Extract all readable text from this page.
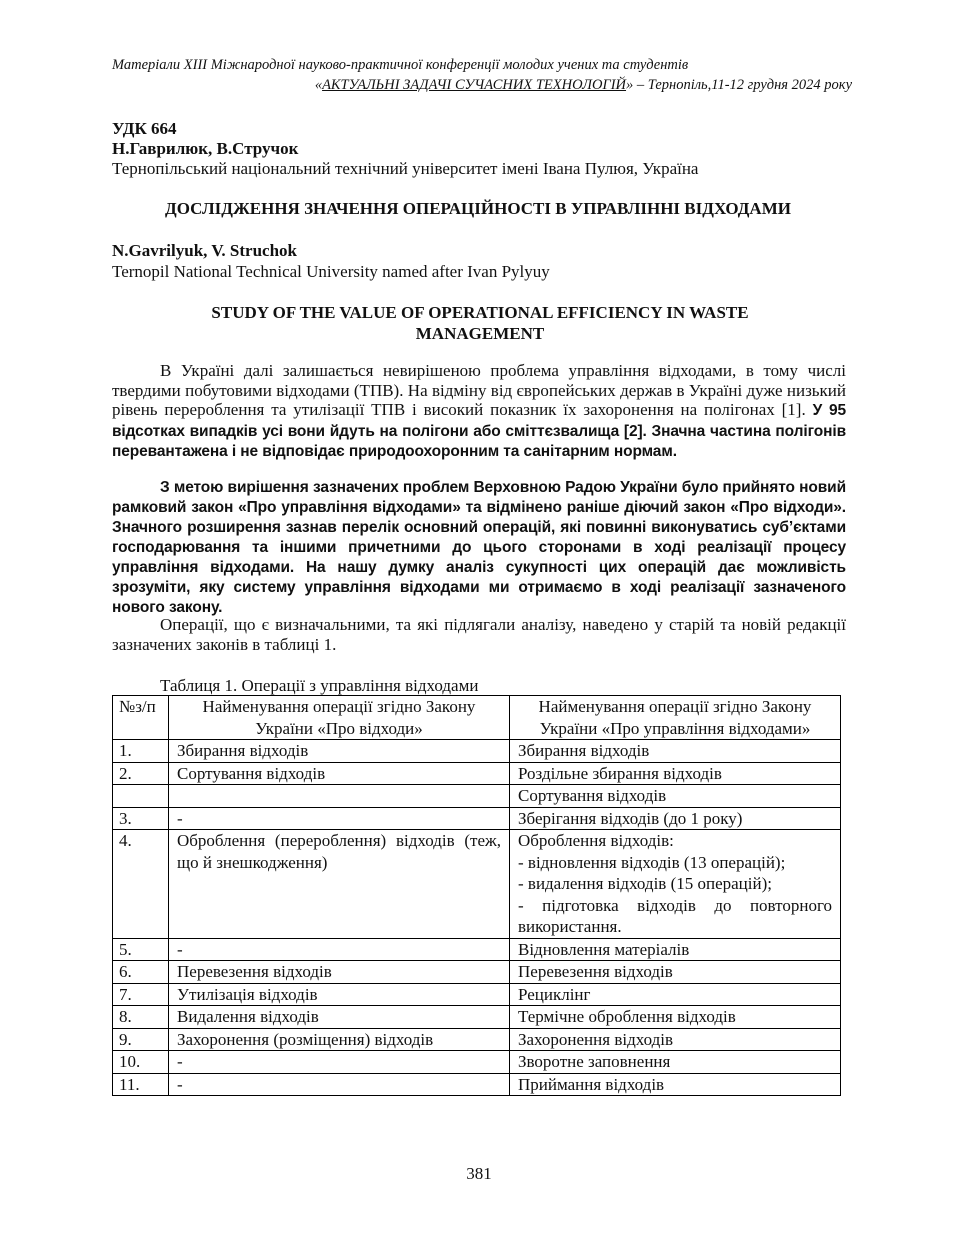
Матеріали XIII Міжнародної науково-практичної конференції молодих учених та студентів
«АКТУАЛЬНІ ЗАДАЧІ СУЧАСНИХ ТЕХНОЛОГІЙ» – Тернопіль,11-12 грудня 2024 року
УДК 664
Н.Гаврилюк, В.Стручок
Тернопільський національний технічний університет імені Івана Пулюя, Україна
ДОСЛІДЖЕННЯ ЗНАЧЕННЯ ОПЕРАЦІЙНОСТІ В УПРАВЛІННІ ВІДХОДАМИ
N.Gavrilyuk, V. Struchok
Ternopil National Technical University named after Ivan Pylyuy
STUDY OF THE VALUE OF OPERATIONAL EFFICIENCY IN WASTE MANAGEMENT
В Україні далі залишається невирішеною проблема управління відходами, в тому числі твердими побутовими відходами (ТПВ). На відміну від європейських держав в Україні дуже низький рівень перероблення та утилізації ТПВ і високий показник їх захоронення на полігонах [1]. У 95 відсотках випадків усі вони йдуть на полігони або сміттєзвалища [2]. Значна частина полігонів перевантажена і не відповідає природоохоронним та санітарним нормам.
З метою вирішення зазначених проблем Верховною Радою України було прийнято новий рамковий закон «Про управління відходами» та відмінено раніше діючий закон «Про відходи». Значного розширення зазнав перелік основний операцій, які повинні виконуватись суб’єктами господарювання та іншими причетними до цього сторонами в ході реалізації процесу управління відходами. На нашу думку аналіз сукупності цих операцій дає можливість зрозуміти, яку систему управління відходами ми отримаємо в ході реалізації зазначеного нового закону.
Операції, що є визначальними, та які підлягали аналізу, наведено у старій та новій редакції зазначених законів в таблиці 1.
Таблиця 1. Операції з управління відходами
№з/п	Найменування операції згідно Закону України «Про відходи»	Найменування операції згідно Закону України «Про управління відходами»
1.	Збирання відходів	Збирання відходів
2.	Сортування відходів	Роздільне збирання відходів
		Сортування відходів
3.	-	Зберігання відходів (до 1 року)
4.	Оброблення (перероблення) відходів (теж, що й знешкодження)	Оброблення відходів:
- відновлення відходів (13 операцій);
- видалення відходів (15 операцій);
- підготовка відходів до повторного використання.
5.	-	Відновлення матеріалів
6.	Перевезення відходів	Перевезення відходів
7.	Утилізація відходів	Рециклінг
8.	Видалення відходів	Термічне оброблення відходів
9.	Захоронення (розміщення) відходів	Захоронення відходів
10.	-	Зворотне заповнення
11.	-	Приймання відходів
381
